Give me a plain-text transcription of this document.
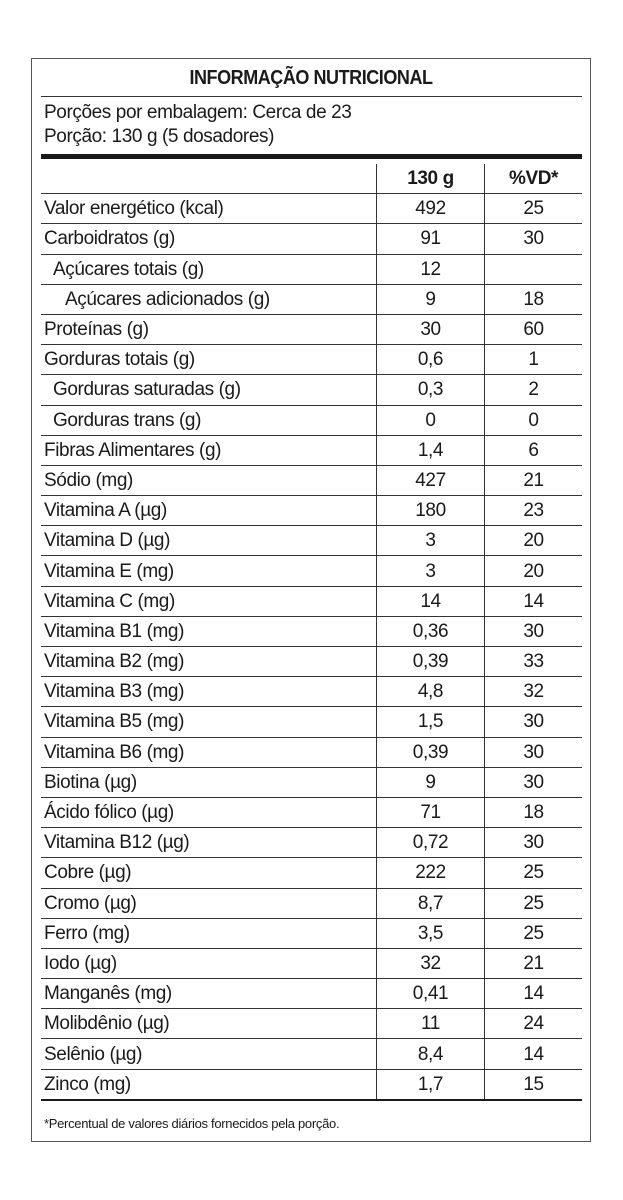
INFORMAÇÃO NUTRICIONAL
Porções por embalagem: Cerca de 23
Porção: 130 g (5 dosadores)
	130 g	%VD*
Valor energético (kcal)	492	25
Carboidratos (g)	91	30
Açúcares totais (g)	12	
Açúcares adicionados (g)	9	18
Proteínas (g)	30	60
Gorduras totais (g)	0,6	1
Gorduras saturadas (g)	0,3	2
Gorduras trans (g)	0	0
Fibras Alimentares (g)	1,4	6
Sódio (mg)	427	21
Vitamina A (µg)	180	23
Vitamina D (µg)	3	20
Vitamina E (mg)	3	20
Vitamina C (mg)	14	14
Vitamina B1 (mg)	0,36	30
Vitamina B2 (mg)	0,39	33
Vitamina B3 (mg)	4,8	32
Vitamina B5 (mg)	1,5	30
Vitamina B6 (mg)	0,39	30
Biotina (µg)	9	30
Ácido fólico (µg)	71	18
Vitamina B12 (µg)	0,72	30
Cobre (µg)	222	25
Cromo (µg)	8,7	25
Ferro (mg)	3,5	25
Iodo (µg)	32	21
Manganês (mg)	0,41	14
Molibdênio (µg)	11	24
Selênio (µg)	8,4	14
Zinco (mg)	1,7	15
*Percentual de valores diários fornecidos pela porção.
